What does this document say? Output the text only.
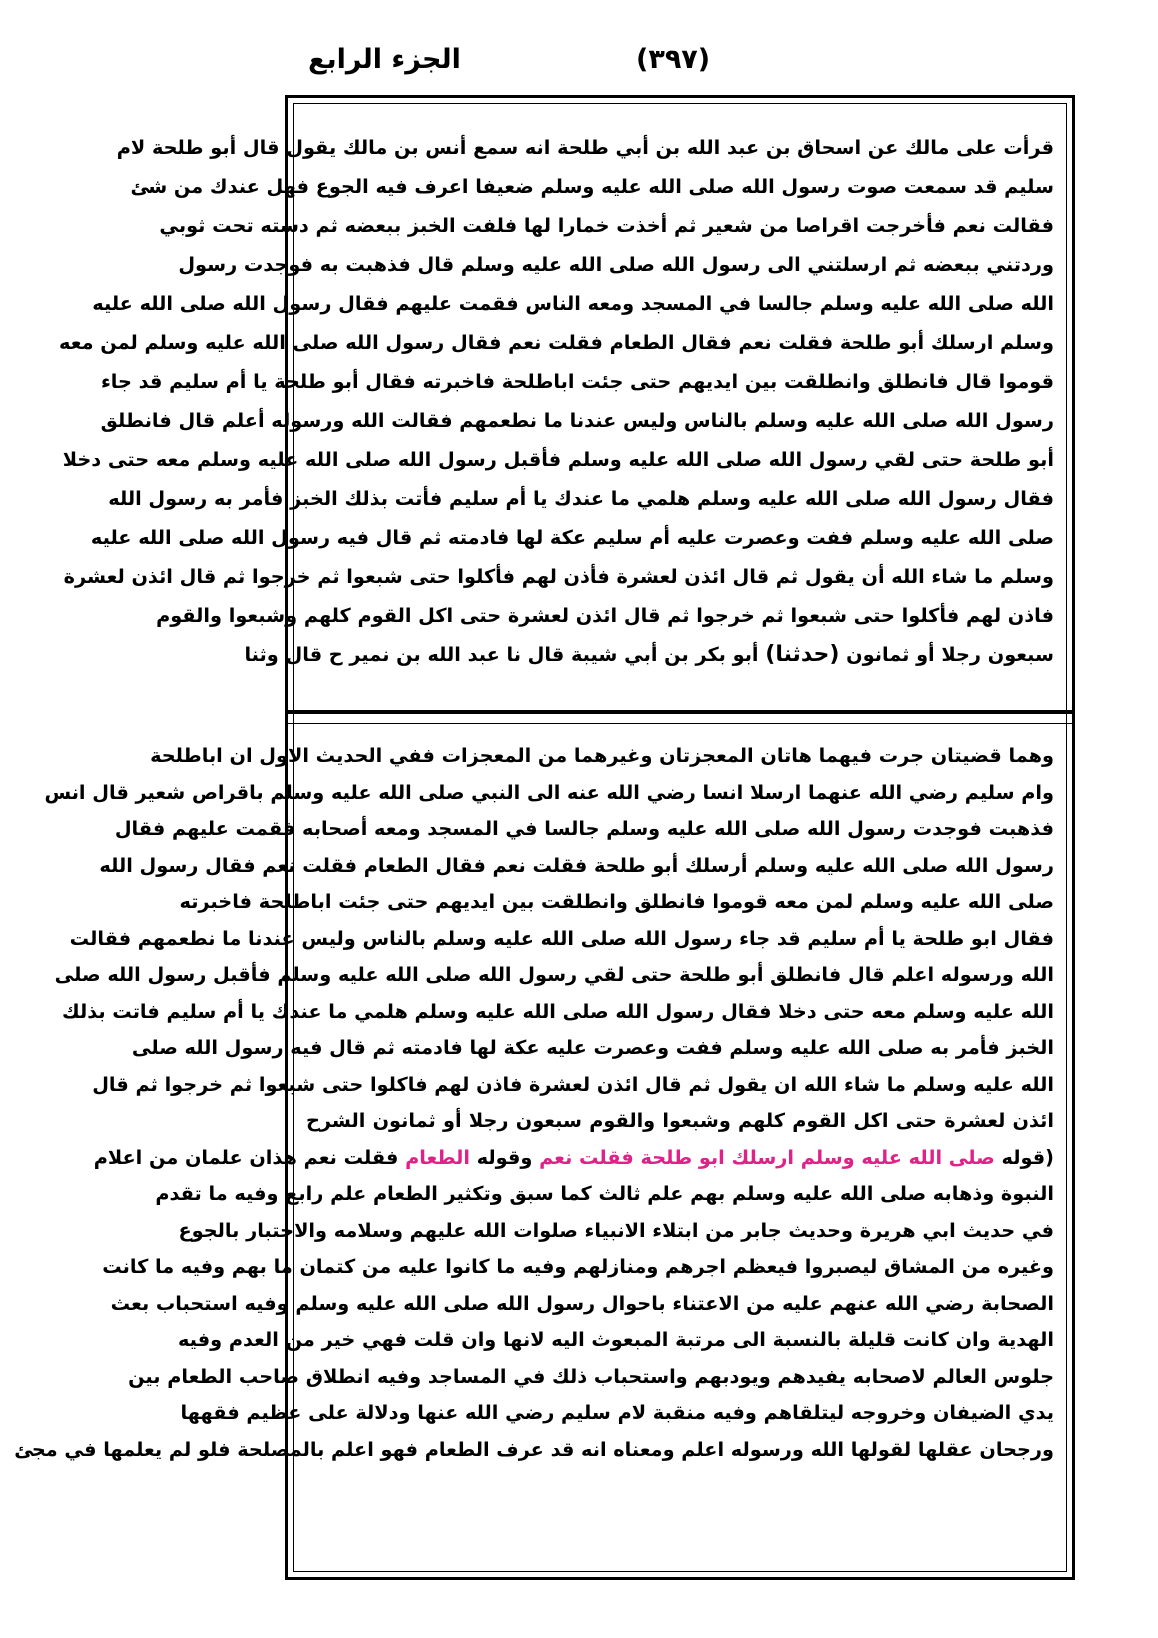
(٣٩٧)
الجزء الرابع
قرأت على مالك عن اسحاق بن عبد الله بن أبي طلحة انه سمع أنس بن مالك يقول قال أبو طلحة لام
سليم قد سمعت صوت رسول الله صلى الله عليه وسلم ضعيفا اعرف فيه الجوع فهل عندك من شئ
فقالت نعم فأخرجت اقراصا من شعير ثم أخذت خمارا لها فلفت الخبز ببعضه ثم دسته تحت ثوبي
وردتني ببعضه ثم ارسلتني الى رسول الله صلى الله عليه وسلم قال فذهبت به فوجدت رسول
الله صلى الله عليه وسلم جالسا في المسجد ومعه الناس فقمت عليهم فقال رسول الله صلى الله عليه
وسلم ارسلك أبو طلحة فقلت نعم فقال الطعام فقلت نعم فقال رسول الله صلى الله عليه وسلم لمن معه
قوموا قال فانطلق وانطلقت بين ايديهم حتى جئت اباطلحة فاخبرته فقال أبو طلحة يا أم سليم قد جاء
رسول الله صلى الله عليه وسلم بالناس وليس عندنا ما نطعمهم فقالت الله ورسوله أعلم قال فانطلق
أبو طلحة حتى لقي رسول الله صلى الله عليه وسلم فأقبل رسول الله صلى الله عليه وسلم معه حتى دخلا
فقال رسول الله صلى الله عليه وسلم هلمي ما عندك يا أم سليم فأتت بذلك الخبز فأمر به رسول الله
صلى الله عليه وسلم ففت وعصرت عليه أم سليم عكة لها فادمته ثم قال فيه رسول الله صلى الله عليه
وسلم ما شاء الله أن يقول ثم قال ائذن لعشرة فأذن لهم فأكلوا حتى شبعوا ثم خرجوا ثم قال ائذن لعشرة
فاذن لهم فأكلوا حتى شبعوا ثم خرجوا ثم قال ائذن لعشرة حتى اكل القوم كلهم وشبعوا والقوم
سبعون رجلا أو ثمانون (حدثنا) أبو بكر بن أبي شيبة قال نا عبد الله بن نمير ح قال وثنا
وهما قضيتان جرت فيهما هاتان المعجزتان وغيرهما من المعجزات ففي الحديث الاول ان اباطلحة
وام سليم رضي الله عنهما ارسلا انسا رضي الله عنه الى النبي صلى الله عليه وسلم باقراص شعير قال انس
فذهبت فوجدت رسول الله صلى الله عليه وسلم جالسا في المسجد ومعه أصحابه فقمت عليهم فقال
رسول الله صلى الله عليه وسلم أرسلك أبو طلحة فقلت نعم فقال الطعام فقلت نعم فقال رسول الله
صلى الله عليه وسلم لمن معه قوموا فانطلق وانطلقت بين ايديهم حتى جئت اباطلحة فاخبرته
فقال ابو طلحة يا أم سليم قد جاء رسول الله صلى الله عليه وسلم بالناس وليس عندنا ما نطعمهم فقالت
الله ورسوله اعلم قال فانطلق أبو طلحة حتى لقي رسول الله صلى الله عليه وسلم فأقبل رسول الله صلى
الله عليه وسلم معه حتى دخلا فقال رسول الله صلى الله عليه وسلم هلمي ما عندك يا أم سليم فاتت بذلك
الخبز فأمر به صلى الله عليه وسلم ففت وعصرت عليه عكة لها فادمته ثم قال فيه رسول الله صلى
الله عليه وسلم ما شاء الله ان يقول ثم قال ائذن لعشرة فاذن لهم فاكلوا حتى شبعوا ثم خرجوا ثم قال
ائذن لعشرة حتى اكل القوم كلهم وشبعوا والقوم سبعون رجلا أو ثمانون الشرح
(قوله صلى الله عليه وسلم ارسلك ابو طلحة فقلت نعم وقوله الطعام فقلت نعم هذان علمان من اعلام
النبوة وذهابه صلى الله عليه وسلم بهم علم ثالث كما سبق وتكثير الطعام علم رابع وفيه ما تقدم
في حديث ابي هريرة وحديث جابر من ابتلاء الانبياء صلوات الله عليهم وسلامه والاختبار بالجوع
وغيره من المشاق ليصبروا فيعظم اجرهم ومنازلهم وفيه ما كانوا عليه من كتمان ما بهم وفيه ما كانت
الصحابة رضي الله عنهم عليه من الاعتناء باحوال رسول الله صلى الله عليه وسلم وفيه استحباب بعث
الهدية وان كانت قليلة بالنسبة الى مرتبة المبعوث اليه لانها وان قلت فهي خير من العدم وفيه
جلوس العالم لاصحابه يفيدهم ويودبهم واستحباب ذلك في المساجد وفيه انطلاق صاحب الطعام بين
يدي الضيفان وخروجه ليتلقاهم وفيه منقبة لام سليم رضي الله عنها ودلالة على عظيم فقهها
ورجحان عقلها لقولها الله ورسوله اعلم ومعناه انه قد عرف الطعام فهو اعلم بالمصلحة فلو لم يعلمها في مجئ
